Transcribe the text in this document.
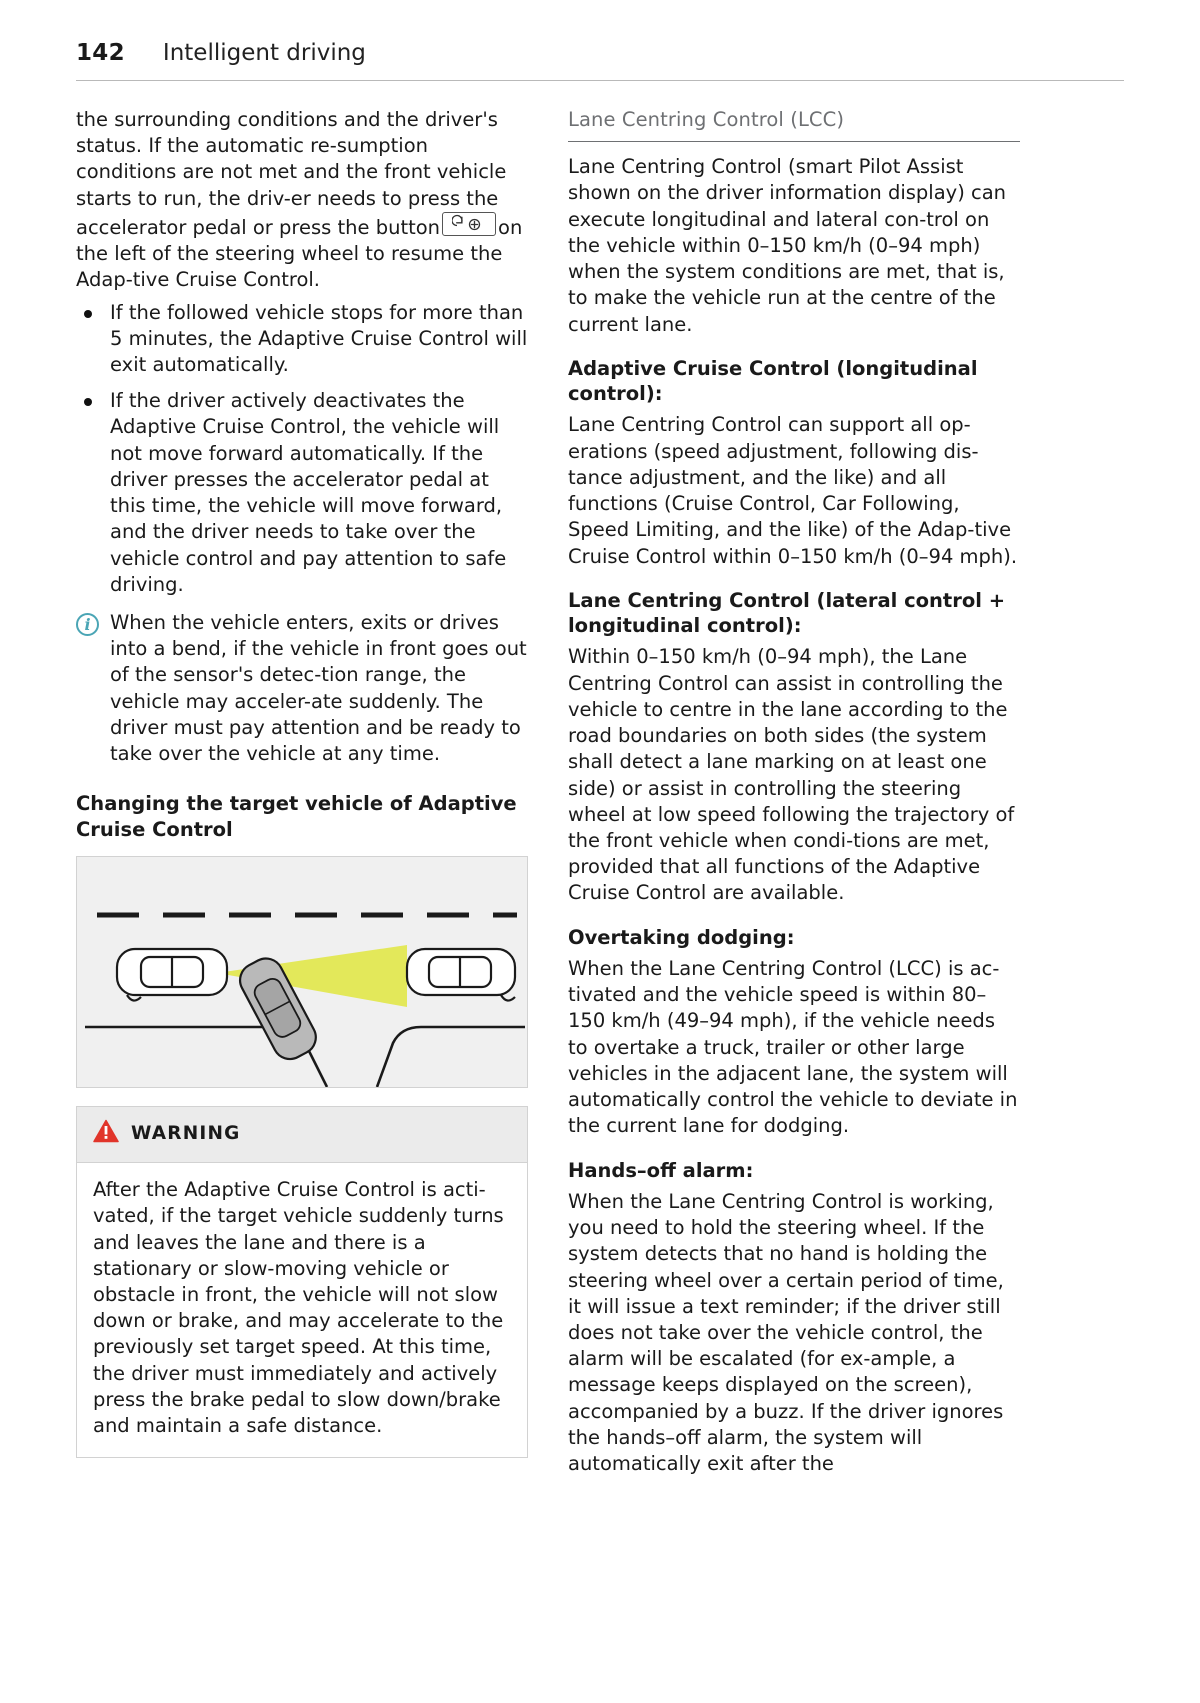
142 Intelligent driving

the surrounding conditions and the driver's status. If the automatic re-sumption conditions are not met and the front vehicle starts to run, the driv-er needs to press the accelerator pedal or press the button	on the left of the steering wheel to resume the Adap-tive Cruise Control.

If the followed vehicle stops for more than 5 minutes, the Adaptive Cruise Control will exit automatically.
If the driver actively deactivates the Adaptive Cruise Control, the vehicle will not move forward automatically. If the driver presses the accelerator pedal at this time, the vehicle will move forward, and the driver needs to take over the vehicle control and pay attention to safe driving.
i When the vehicle enters, exits or drives into a bend, if the vehicle in front goes out of the sensor's detec-tion range, the vehicle may acceler-ate suddenly. The driver must pay attention and be ready to take over the vehicle at any time.
Changing the target vehicle of Adaptive Cruise Control
WARNING
After the Adaptive Cruise Control is acti-vated, if the target vehicle suddenly turns and leaves the lane and there is a stationary or slow-moving vehicle or obstacle in front, the vehicle will not slow down or brake, and may accelerate to the previously set target speed. At this time, the driver must immediately and actively press the brake pedal to slow down/brake and maintain a safe distance.
Lane Centring Control (LCC)

Lane Centring Control (smart Pilot Assist shown on the driver information display) can execute longitudinal and lateral con-trol on the vehicle within 0–150 km/h (0–94 mph) when the system conditions are met, that is, to make the vehicle run at the centre of the current lane.

Adaptive Cruise Control (longitudinal control):

Lane Centring Control can support all op-erations (speed adjustment, following dis-tance adjustment, and the like) and all functions (Cruise Control, Car Following, Speed Limiting, and the like) of the Adap-tive Cruise Control within 0–150 km/h (0–94 mph).

Lane Centring Control (lateral control + longitudinal control):

Within 0–150 km/h (0–94 mph), the Lane Centring Control can assist in controlling the vehicle to centre in the lane according to the road boundaries on both sides (the system shall detect a lane marking on at least one side) or assist in controlling the steering wheel at low speed following the trajectory of the front vehicle when condi-tions are met, provided that all functions of the Adaptive Cruise Control are available.

Overtaking dodging:

When the Lane Centring Control (LCC) is ac-tivated and the vehicle speed is within 80–150 km/h (49–94 mph), if the vehicle needs to overtake a truck, trailer or other large vehicles in the adjacent lane, the system will automatically control the vehicle to deviate in the current lane for dodging.

Hands–off alarm:

When the Lane Centring Control is working, you need to hold the steering wheel. If the system detects that no hand is holding the steering wheel over a certain period of time, it will issue a text reminder; if the driver still does not take over the vehicle control, the alarm will be escalated (for ex-ample, a message keeps displayed on the screen), accompanied by a buzz. If the driver ignores the hands–off alarm, the system will automatically exit after the
